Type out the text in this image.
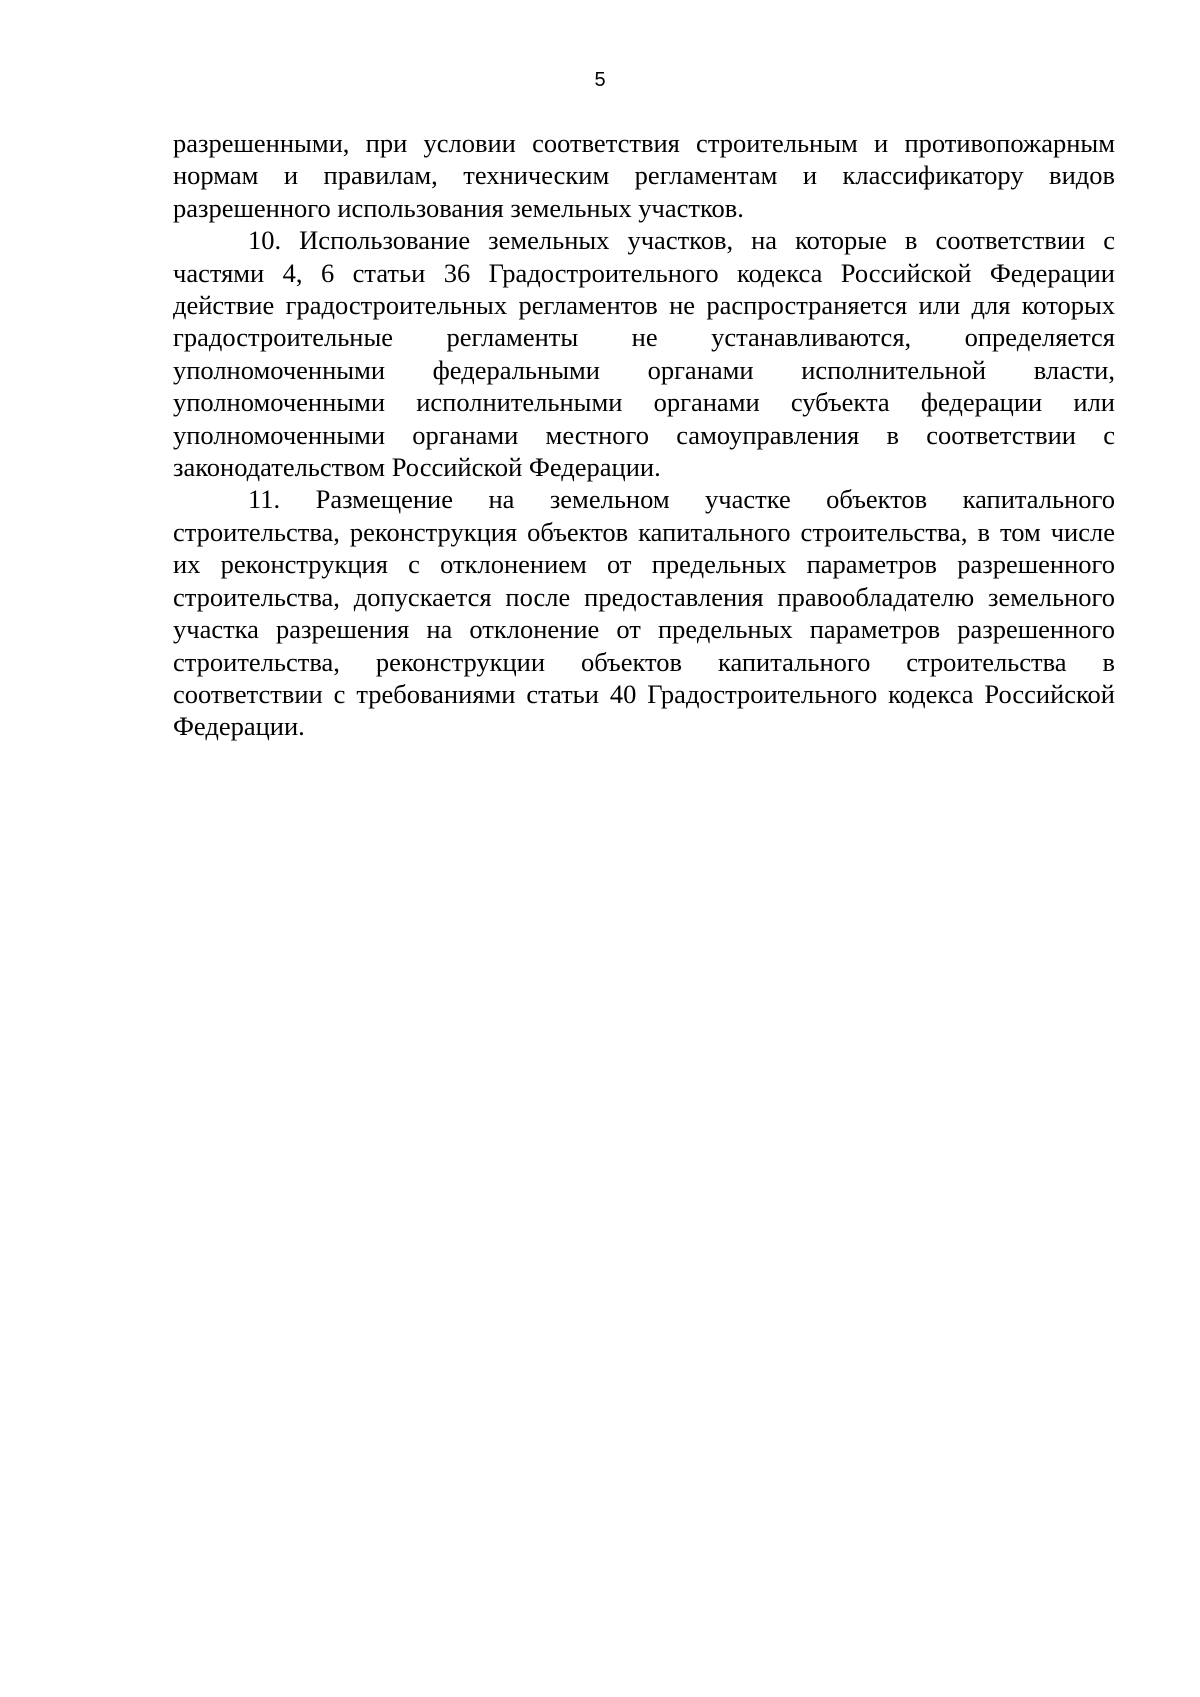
5

разрешенными, при условии соответствия строительным и противопожарным нормам и правилам, техническим регламентам и классификатору видов разрешенного использования земельных участков.

10. Использование земельных участков, на которые в соответствии с частями 4, 6 статьи 36 Градостроительного кодекса Российской Федерации действие градостроительных регламентов не распространяется или для которых градостроительные регламенты не устанавливаются, определяется уполномоченными федеральными органами исполнительной власти, уполномоченными исполнительными органами субъекта федерации или уполномоченными органами местного самоуправления в соответствии с законодательством Российской Федерации.

11. Размещение на земельном участке объектов капитального строительства, реконструкция объектов капитального строительства, в том числе их реконструкция с отклонением от предельных параметров разрешенного строительства, допускается после предоставления правообладателю земельного участка разрешения на отклонение от предельных параметров разрешенного строительства, реконструкции объектов капитального строительства в соответствии с требованиями статьи 40 Градостроительного кодекса Российской Федерации.
